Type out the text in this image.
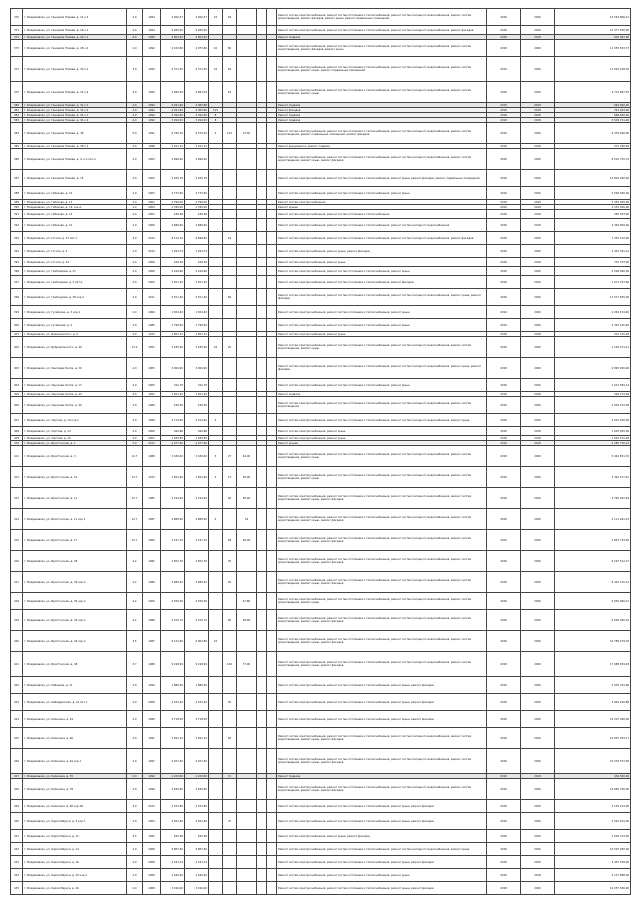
370	г. Владикавказ, ул. Генерала Плиева, д. 14 к.2	2.0	1994	4 406,37	4 406,37	16	94				Ремонт систем электроснабжения, ремонт систем отопления и теплоснабжения, ремонт систем холодного водоснабжения, ремонт систем водоотведения, ремонт фасадов, ремонт крыш, ремонт подвальных помещений	2018	2020	14 564 806,21
371	г. Владикавказ, ул. Генерала Плиева, д. 16 к.1	4.0	1994	9 945,00	9 945,00						Ремонт систем электроснабжения, ремонт систем отопления и теплоснабжения, ремонт систем холодного водоснабжения, ремонт фасадов	2018	2020	11 377 500,00
372	г. Владикавказ, ул. Генерала Плиева, д. 20 к.1	4.0	1995	2 852,00	2 852,00						Ремонт подвала	2018	2018	602 067,00
373	г. Владикавказ, ул. Генерала Плиева, д. 28 к.2	2.0	1992	4 415,80	4 075,80	10	80				Ремонт систем электроснабжения, ремонт систем отопления и теплоснабжения, ремонт систем холодного водоснабжения, ремонт систем водоотведения, ремонт фасадов, ремонт крыш	2018	2020	11 555 553,73
374	г. Владикавказ, ул. Генерала Плиева, д. 30 к.1	3.0	1993	4 371,55	4 371,55	16	64				Ремонт систем электроснабжения, ремонт систем отопления и теплоснабжения, ремонт систем холодного водоснабжения, ремонт систем водоотведения, ремонт крыш, ремонт подвальных помещений	2019	2020	13 092 418,16
375	г. Владикавказ, ул. Генерала Плиева, д. 34 к.4	3.0	1995	3 996,59	3 681,59		63				Ремонт систем электроснабжения, ремонт систем отопления и теплоснабжения, ремонт систем холодного водоснабжения, ремонт систем водоотведения, ремонт крыш	2018	2020	4 714 897,55
380	г. Владикавказ, ул. Генерала Плиева, д. 32 к.1	2.0	1992	4 291,80	4 065,80						Ремонт подвала	2018	2018	664 962,00
381	г. Владикавказ, ул. Генерала Плиева, д. 32 к.2	2.0	1992	4 291,80	4 065,80	115					Ремонт фасадов	2018	2018	722 043,00
382	г. Владикавказ, ул. Генерала Плиева, д. 34 к.1	4.0	1992	3 322,90	3 322,90	8					Ремонт подвала	2018	2018	668 820,00
383	г. Владикавказ, ул. Генерала Плиева, д. 34 к.2	4.0	1992	3 294,50	3 294,50	8					Ремонт подвала	2018	2018	5 505 721,00
384	г. Владикавказ, ул. Генерала Плиева, д. 38	5.0	1991	6 789,10	6 570,10	4	124	13,50			Ремонт систем электроснабжения, ремонт систем отопления и теплоснабжения, ремонт систем холодного водоснабжения, ремонт систем водоотведения, ремонт подвальных помещений, ремонт фасадов	2018	2020	4 376 460,00
385	г. Владикавказ, ул. Генерала Плиева, д. 38 к.1	2.0	1998	2 421,31	2 421,31						Ремонт фундамента, ремонт подвала	2018	2018	572 348,00
386	г. Владикавказ, ул. Генерала Плиева, д. 4, к.3 лит.А	2.0	2003	3 996,00	3 996,00						Ремонт систем электроснабжения, ремонт систем отопления и теплоснабжения, ремонт систем холодного водоснабжения, ремонт систем водоотведения, ремонт крыш, ремонт фасадов	2018	2020	6 510 725,74
387	г. Владикавказ, ул. Генерала Плиева, д. 15	2.0	2000	4 445,78	4 445,78						Ремонт систем электроснабжения, ремонт систем отопления и теплоснабжения, ремонт крыш, ремонт фасадов, ремонт подвальных помещений	2018	2020	14 804 000,00
388	г. Владикавказ, ул. Гибизова, д. 15	2.0	2003	2 775,50	2 775,50						Ремонт систем электроснабжения, ремонт систем отопления и теплоснабжения, ремонт крыш	2019	2020	2 500 500,00
389	г. Владикавказ, ул. Гибизова, д. 13	2.0	2001	2 796,06	2 796,06						Ремонт систем электроснабжения	2018	2018	5 355 300,00
390	г. Владикавказ, ул. Гибизова, д. 19, кор.А	2.0	2004	2 786,00	2 786,00						Ремонт крыши	2018	2018	3 535 000,00
391	г. Владикавказ, ул. Гибизова, д. 14	2.0	2001	238,00	238,00						Ремонт систем электроснабжения, ремонт систем отопления и теплоснабжения	2018	2018	365 553,00
392	г. Владикавказ, ул. Гибизова, д. 21	2.0	2006	2 686,00	2 686,00						Ремонт систем электроснабжения, ремонт систем отопления и теплоснабжения, ремонт систем холодного водоснабжения	2018	2018	4 349 809,00
393	г. Владикавказ, ул. Гоголя, д. 13 лит.1	3.0	2014	8 114,10	6 698,60		24				Ремонт систем электроснабжения, ремонт систем отопления и теплоснабжения, ремонт систем холодного водоснабжения, ремонт фасадов	2018	2020	7 335 512,96
394	г. Владикавказ, ул. Гоголя, д. 2	2.0	2014	1 291,74	1 291,74						Ремонт систем электроснабжения, ремонт крыш, ремонт фасадов	2018	2020	2 422 391,12
395	г. Владикавказ, ул. Гоголя, д. 24	2.0	2006	629,20	629,20						Ремонт систем электроснабжения, ремонт крыш	2018	2018	731 373,00
396	г. Владикавказ, ул. Грибоедова, д. 27	2.0	2006	2 416,60	2 416,60						Ремонт систем электроснабжения, ремонт систем отопления и теплоснабжения, ремонт крыш	2018	2020	2 506 900,00
397	г. Владикавказ, ул. Грибоедова, д. 2 лит.А	2.0	2000	1 811,30	1 811,30						Ремонт систем электроснабжения, ремонт систем отопления и теплоснабжения, ремонт фасадов	2018	2020	1 071 331,66
398	г. Владикавказ, ул. Грибоедова, д. 38 кор.2	2.0	2011	5 811,30	5 811,30		60				Ремонт систем электроснабжения, ремонт систем отопления и теплоснабжения, ремонт систем холодного водоснабжения, ремонт крыш, ремонт фасадов	2018	2020	11 571 655,00
399	г. Владикавказ, ул. Гусейнова, д. 3 кор.1	2.0	2006	1 654,40	1 654,40						Ремонт систем электроснабжения, ремонт систем отопления и теплоснабжения, ремонт крыш	2019	2020	2 262 154,46
400	г. Владикавказ, ул. Гусейнова, д. 2	2.0	1985	1 798,50	1 798,50						Ремонт систем электроснабжения, ремонт систем отопления и теплоснабжения, ремонт крыш	2019	2020	2 391 195,46
401	г. Владикавказ, ул. Дзержинского, д. 5	2.0	1972	1 857,21	1 857,21						Ремонт систем электроснабжения, ремонт крыш	2018	2018	312 315,00
402	г. Владикавказ, ул. Добровольского, д. 26	12.2	1951	3 185,90	3 185,90	16	20				Ремонт систем электроснабжения, ремонт систем отопления и теплоснабжения, ремонт систем холодного водоснабжения, ремонт систем водоотведения, ремонт крыш	2018	2020	1 126 474,21
403	г. Владикавказ, ул. Зангиева Осипа, д. 30	4.0	2005	3 006,90	3 006,90						Ремонт систем электроснабжения, ремонт систем отопления и теплоснабжения, ремонт систем холодного водоснабжения, ремонт крыш, ремонт фасадов	2018	2020	9 895 000,00
404	г. Владикавказ, ул. Зангиева Осипа, д. 17	4.0	2005	912,70	912,70						Ремонт систем электроснабжения, ремонт систем отопления и теплоснабжения, ремонт крыш	2018	2020	1 221 584,14
405	г. Владикавказ, ул. Зангиева Осипа, д. 44	4.0	1951	1 651,20	1 651,20						Ремонт подвала	2018	2018	326 274,00
406	г. Владикавказ, ул. Зангиева Осипа, д. 39	2.0	1989	418,50	418,50						Ремонт систем электроснабжения, ремонт систем отопления и теплоснабжения, ремонт систем холодного водоснабжения, ремонт систем водоотведения	2018	2020	2 004 512,08
407	г. Владикавказ, ул. Зортова, д. 10 кор.1	2.0	1999	2 719,00	2 514,00	4					Ремонт систем электроснабжения, ремонт систем отопления и теплоснабжения, ремонт систем холодного водоснабжения, ремонт крыш	2018	2020	3 041 200,00
408	г. Владикавказ, ул. Зортова, д. 14	2.0	2000	944,80	944,80						Ремонт систем электроснабжения, ремонт крыш	2018	2018	1 005 935,00
409	г. Владикавказ, ул. Зортова, д. 15	2.0	2001	1 035,85	1 035,85						Ремонт систем электроснабжения, ремонт крыш	2018	2018	1 002 572,00
410	г. Владикавказ, ул. Иристонская, д. 1	5.0	2014	2 077,00	2 077,00						Ремонт крыши	2018	2018	4 280 750,24
411	г. Владикавказ, ул. Иристонская, д. 3	12.7	1988	2 436,40	2 436,40	3	27	44,00			Ремонт систем электроснабжения, ремонт систем отопления и теплоснабжения, ремонт систем холодного водоснабжения, ремонт систем водоотведения, ремонт крыш	2018	2020	5 444 851,76
412	г. Владикавказ, ул. Иристонская, д. 10	12.7	1972	1 654,90	1 654,90	3	27	36,00			Ремонт систем электроснабжения, ремонт систем отопления и теплоснабжения, ремонт систем холодного водоснабжения, ремонт систем водоотведения, ремонт крыш	2018	2020	3 361 477,61
413	г. Владикавказ, ул. Иристонская, д. 11	12.7	1985	2 194,00	2 194,00		46	56,40			Ремонт систем электроснабжения, ремонт систем отопления и теплоснабжения, ремонт систем холодного водоснабжения, ремонт систем водоотведения, ремонт крыш, ремонт фасадов	2018	2020	3 765 002,64
414	г. Владикавказ, ул. Иристонская, д. 11 кор.1	12.7	1987	2 888,20	2 888,20	4		44			Ремонт систем электроснабжения, ремонт систем отопления и теплоснабжения, ремонт систем холодного водоснабжения, ремонт систем водоотведения, ремонт крыш, ремонт фасадов	2018	2020	4 111 461,23
415	г. Владикавказ, ул. Иристонская, д. 17	12.7	1983	3 147,70	3 147,70		58	46,00			Ремонт систем электроснабжения, ремонт систем отопления и теплоснабжения, ремонт систем холодного водоснабжения, ремонт систем водоотведения, ремонт крыш, ремонт фасадов	2019	2020	3 853 724,56
416	г. Владикавказ, ул. Иристонская, д. 28	4.2	1982	3 822,70	3 822,70		35				Ремонт систем электроснабжения, ремонт систем отопления и теплоснабжения, ремонт систем холодного водоснабжения, ремонт систем водоотведения, ремонт крыш, ремонт фасадов	2018	2020	6 197 512,27
417	г. Владикавказ, ул. Иристонская, д. 30 кор.А	4.2	1986	3 989,20	3 989,20		20				Ремонт систем электроснабжения, ремонт систем отопления и теплоснабжения, ремонт систем холодного водоснабжения, ремонт систем водоотведения, ремонт крыш, ремонт фасадов	2018	2020	6 442 415,21
418	г. Владикавказ, ул. Иристонская, д. 30 кор.А	4.2	2006	2 976,30	2 976,30			47,80			Ремонт систем электроснабжения, ремонт систем отопления и теплоснабжения, ремонт систем холодного водоснабжения, ремонт систем водоотведения, ремонт крыш	2018	2020	5 035 960,21
419	г. Владикавказ, ул. Иристонская, д. 42 кор.А	4.2	1986	4 410,70	4 410,70		80	48,80			Ремонт систем электроснабжения, ремонт систем отопления и теплоснабжения, ремонт систем холодного водоснабжения, ремонт систем водоотведения, ремонт крыш, ремонт фасадов	2018	2020	6 500 000,10
420	г. Владикавказ, ул. Иристонская, д. 44 кор.А	3.5	1987	6 122,00	6 002,80	16					Ремонт систем электроснабжения, ремонт систем отопления и теплоснабжения, ремонт систем холодного водоснабжения, ремонт систем водоотведения, ремонт крыш, ремонт фасадов	2018	2020	14 789 279,76
421	г. Владикавказ, ул. Иристонская, д. 48	3.7	1988	9 198,99	9 198,99		100	77,90			Ремонт систем электроснабжения, ремонт систем отопления и теплоснабжения, ремонт систем холодного водоснабжения, ремонт систем водоотведения, ремонт крыш, ремонт фасадов	2018	2020	17 088 934,93
422	г. Владикавказ, ул. Кабарова, д. 11	2.0	1992	1 886,26	1 886,26						Ремонт систем электроснабжения, ремонт систем отопления и теплоснабжения, ремонт крыш, ремонт фасадов	2018	2020	3 035 791,60
423	г. Владикавказ, ул. Кабардинская, д. 41 лит.1	2.0	2008	2 155,40	2 155,40		35				Ремонт систем электроснабжения, ремонт систем отопления и теплоснабжения, ремонт крыш, ремонт фасадов	2018	2020	4 944 290,88
424	г. Владикавказ, ул. Калинина, д. 49	2.0	1986	3 718,58	3 718,58						Ремонт систем электроснабжения, ремонт систем отопления и теплоснабжения, ремонт крыш, ремонт фасадов	2018	2020	12 207 360,00
425	г. Владикавказ, ул. Калинина, д. 66	2.0	1991	3 922,10	3 922,10		60				Ремонт систем электроснабжения, ремонт систем отопления и теплоснабжения, ремонт систем холодного водоснабжения, ремонт систем водоотведения, ремонт крыш, ремонт фасадов	2018	2020	10 097 353,17
426	г. Владикавказ, ул. Калинина, д. 64 кор.1	2.0	1997	4 027,40	4 027,40						Ремонт систем электроснабжения, ремонт систем отопления и теплоснабжения, ремонт систем холодного водоснабжения, ремонт систем водоотведения, ремонт крыш, ремонт фасадов	2018	2020	15 276 572,56
427	г. Владикавказ, ул. Калинина, д. 70	2.0	1992	2 243,00	2 243,00		72				Ремонт подвала	2018	2018	436 320,00
428	г. Владикавказ, ул. Калинина, д. 78	2.0	1996	3 640,00	3 640,00						Ремонт систем электроснабжения, ремонт систем отопления и теплоснабжения, ремонт систем холодного водоснабжения, ремонт систем водоотведения, ремонт крыш, ремонт фасадов	2018	2020	16 965 765,00
429	г. Владикавказ, ул. Калинина, д. 80 кор.1В	3.0	2013	3 331,80	3 331,80						Ремонт систем электроснабжения, ремонт систем отопления и теплоснабжения, ремонт крыш, ремонт фасадов	2018	2020	3 135 214,00
430	г. Владикавказ, ул. Карла Маркса, д. 4 кор.7	2.0	2004	3 023,30	3 023,30		70				Ремонт систем электроснабжения, ремонт систем отопления и теплоснабжения, ремонт крыш, ремонт фасадов	2018	2020	3 542 201,00
431	г. Владикавказ, ул. Карла Маркса, д. 11	3.5	1991	832,90	832,90						Ремонт систем электроснабжения, ремонт крыш, ремонт фасадов	2018	2020	1 530 213,00
432	г. Владикавказ, ул. Карла Маркса, д. 14	2.0	2008	9 887,60	9 887,60						Ремонт систем электроснабжения, ремонт систем отопления и теплоснабжения, ремонт систем холодного водоснабжения, ремонт крыш	2018	2020	10 597 282,00
433	г. Владикавказ, ул. Карла Маркса, д. 16	2.0	2008	2 231,74	2 231,74						Ремонт систем электроснабжения, ремонт систем отопления и теплоснабжения, ремонт крыш, ремонт фасадов	2018	2020	3 457 328,00
434	г. Владикавказ, ул. Карла Маркса, д. 43 кор.2	2.0	2008	2 446,00	2 446,00						Ремонт систем электроснабжения, ремонт систем отопления и теплоснабжения, ремонт крыш	2018	2018	3 127 888,00
435	г. Владикавказ, ул. Карла Маркса, д. 16	2.0	2008	3 190,00	3 190,00						Ремонт систем электроснабжения, ремонт систем отопления и теплоснабжения, ремонт крыш, ремонт фасадов	2018	2020	10 257 380,00
